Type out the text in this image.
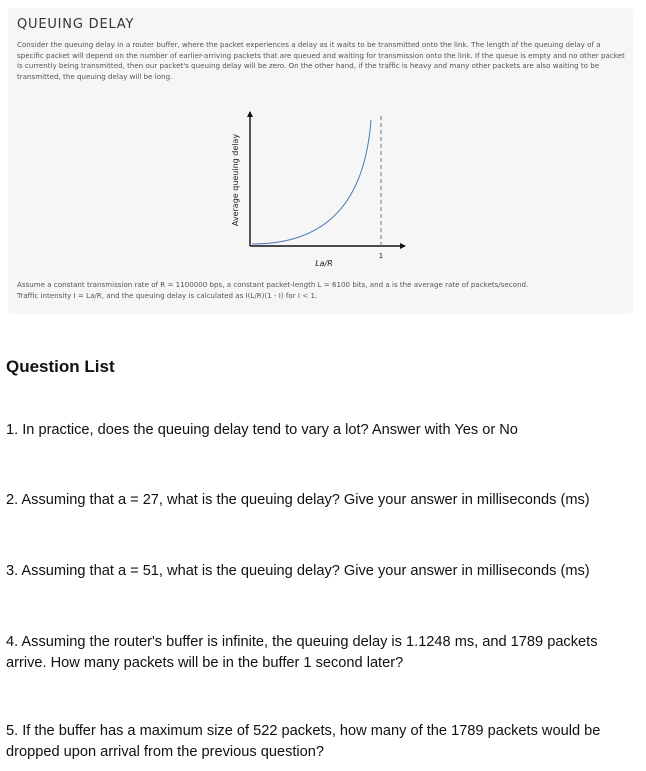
QUEUING DELAY

Consider the queuing delay in a router buffer, where the packet experiences a delay as it waits to be transmitted onto the link. The length of the queuing delay of a specific packet will depend on the number of earlier-arriving packets that are queued and waiting for transmission onto the link. If the queue is empty and no other packet is currently being transmitted, then our packet's queuing delay will be zero. On the other hand, if the traffic is heavy and many other packets are also waiting to be transmitted, the queuing delay will be long.

Assume a constant transmission rate of R = 1100000 bps, a constant packet-length L = 6100 bits, and a is the average rate of packets/second.
Traffic intensity I = La/R, and the queuing delay is calculated as I(L/R)(1 - I) for I < 1.

Average queuing delay
La/R
1
Question List

1. In practice, does the queuing delay tend to vary a lot? Answer with Yes or No

2. Assuming that a = 27, what is the queuing delay? Give your answer in milliseconds (ms)

3. Assuming that a = 51, what is the queuing delay? Give your answer in milliseconds (ms)

4. Assuming the router's buffer is infinite, the queuing delay is 1.1248 ms, and 1789 packets arrive. How many packets will be in the buffer 1 second later?

5. If the buffer has a maximum size of 522 packets, how many of the 1789 packets would be dropped upon arrival from the previous question?
